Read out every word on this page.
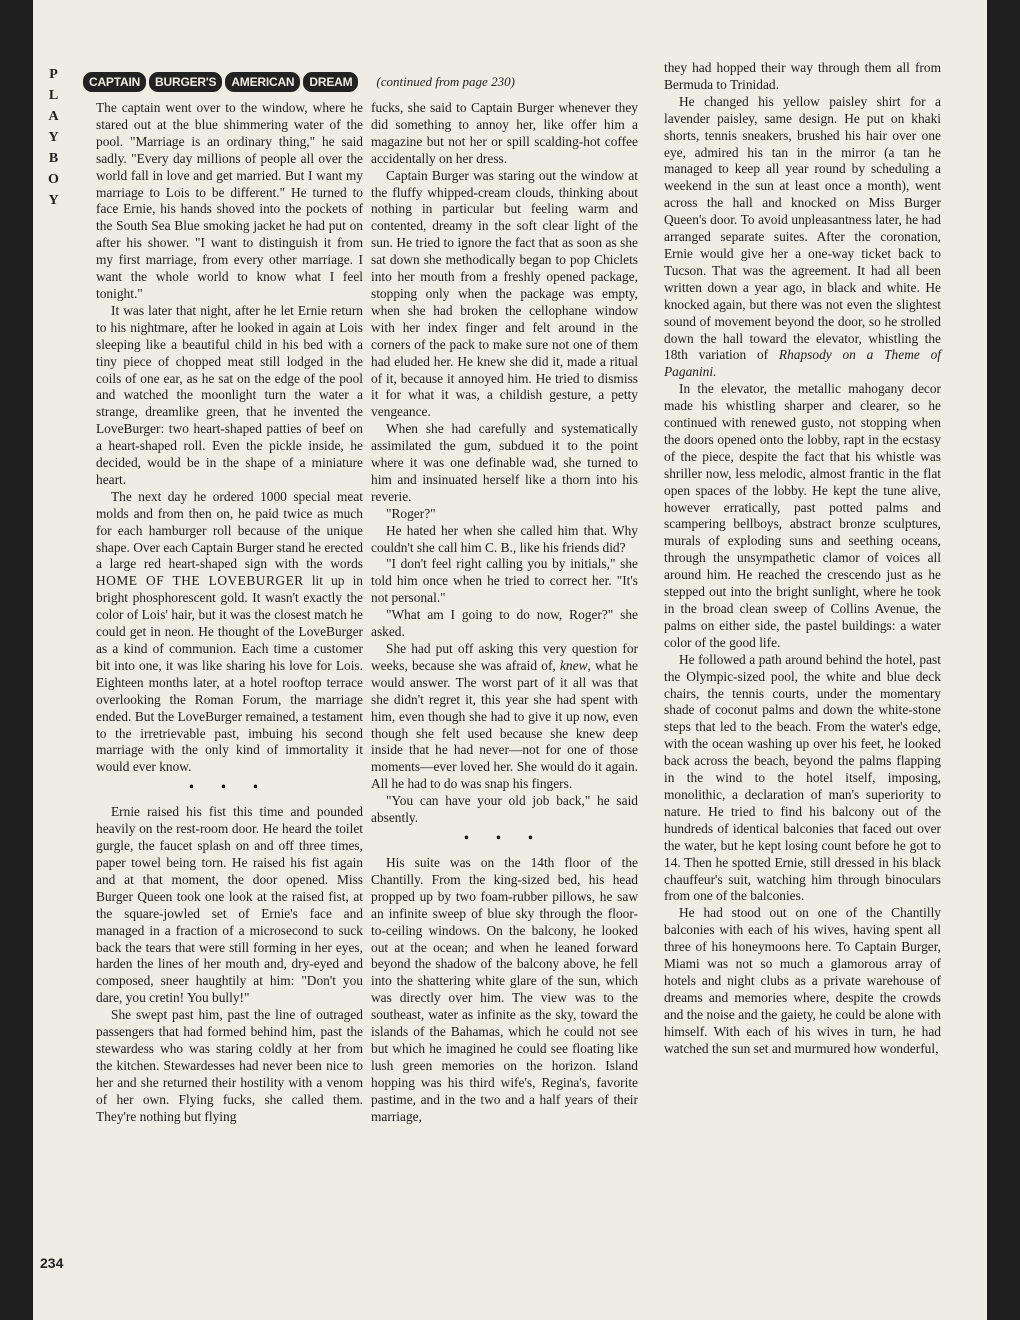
P
L
A
Y
B
O
Y
CAPTAIN	BURGER'S	AMERICAN	DREAM	(continued from page 230)

The captain went over to the window, where he stared out at the blue shimmering water of the pool. "Marriage is an ordinary thing," he said sadly. "Every day millions of people all over the world fall in love and get married. But I want my marriage to Lois to be different." He turned to face Ernie, his hands shoved into the pockets of the South Sea Blue smoking jacket he had put on after his shower. "I want to distinguish it from my first marriage, from every other marriage. I want the whole world to know what I feel tonight."

It was later that night, after he let Ernie return to his nightmare, after he looked in again at Lois sleeping like a beautiful child in his bed with a tiny piece of chopped meat still lodged in the coils of one ear, as he sat on the edge of the pool and watched the moonlight turn the water a strange, dreamlike green, that he invented the LoveBurger: two heart-shaped patties of beef on a heart-shaped roll. Even the pickle inside, he decided, would be in the shape of a miniature heart.

The next day he ordered 1000 special meat molds and from then on, he paid twice as much for each hamburger roll because of the unique shape. Over each Captain Burger stand he erected a large red heart-shaped sign with the words HOME OF THE LOVEBURGER lit up in bright phosphorescent gold. It wasn't exactly the color of Lois' hair, but it was the closest match he could get in neon. He thought of the LoveBurger as a kind of communion. Each time a customer bit into one, it was like sharing his love for Lois. Eighteen months later, at a hotel rooftop terrace overlooking the Roman Forum, the marriage ended. But the LoveBurger remained, a testament to the irretrievable past, imbuing his second marriage with the only kind of immortality it would ever know.

• • •

Ernie raised his fist this time and pounded heavily on the rest-room door. He heard the toilet gurgle, the faucet splash on and off three times, paper towel being torn. He raised his fist again and at that moment, the door opened. Miss Burger Queen took one look at the raised fist, at the square-jowled set of Ernie's face and managed in a fraction of a microsecond to suck back the tears that were still forming in her eyes, harden the lines of her mouth and, dry-eyed and composed, sneer haughtily at him: "Don't you dare, you cretin! You bully!"

She swept past him, past the line of outraged passengers that had formed behind him, past the stewardess who was staring coldly at her from the kitchen. Stewardesses had never been nice to her and she returned their hostility with a venom of her own. Flying fucks, she called them. They're nothing but flying

fucks, she said to Captain Burger whenever they did something to annoy her, like offer him a magazine but not her or spill scalding-hot coffee accidentally on her dress.

Captain Burger was staring out the window at the fluffy whipped-cream clouds, thinking about nothing in particular but feeling warm and contented, dreamy in the soft clear light of the sun. He tried to ignore the fact that as soon as she sat down she methodically began to pop Chiclets into her mouth from a freshly opened package, stopping only when the package was empty, when she had broken the cellophane window with her index finger and felt around in the corners of the pack to make sure not one of them had eluded her. He knew she did it, made a ritual of it, because it annoyed him. He tried to dismiss it for what it was, a childish gesture, a petty vengeance.

When she had carefully and systematically assimilated the gum, subdued it to the point where it was one definable wad, she turned to him and insinuated herself like a thorn into his reverie.

"Roger?"

He hated her when she called him that. Why couldn't she call him C. B., like his friends did?

"I don't feel right calling you by initials," she told him once when he tried to correct her. "It's not personal."

"What am I going to do now, Roger?" she asked.

She had put off asking this very question for weeks, because she was afraid of, knew, what he would answer. The worst part of it all was that she didn't regret it, this year she had spent with him, even though she had to give it up now, even though she felt used because she knew deep inside that he had never—not for one of those moments—ever loved her. She would do it again. All he had to do was snap his fingers.

"You can have your old job back," he said absently.

• • •

His suite was on the 14th floor of the Chantilly. From the king-sized bed, his head propped up by two foam-rubber pillows, he saw an infinite sweep of blue sky through the floor-to-ceiling windows. On the balcony, he looked out at the ocean; and when he leaned forward beyond the shadow of the balcony above, he fell into the shattering white glare of the sun, which was directly over him. The view was to the southeast, water as infinite as the sky, toward the islands of the Bahamas, which he could not see but which he imagined he could see floating like lush green memories on the horizon. Island hopping was his third wife's, Regina's, favorite pastime, and in the two and a half years of their marriage,

they had hopped their way through them all from Bermuda to Trinidad.

He changed his yellow paisley shirt for a lavender paisley, same design. He put on khaki shorts, tennis sneakers, brushed his hair over one eye, admired his tan in the mirror (a tan he managed to keep all year round by scheduling a weekend in the sun at least once a month), went across the hall and knocked on Miss Burger Queen's door. To avoid unpleasantness later, he had arranged separate suites. After the coronation, Ernie would give her a one-way ticket back to Tucson. That was the agreement. It had all been written down a year ago, in black and white. He knocked again, but there was not even the slightest sound of movement beyond the door, so he strolled down the hall toward the elevator, whistling the 18th variation of Rhapsody on a Theme of Paganini.

In the elevator, the metallic mahogany decor made his whistling sharper and clearer, so he continued with renewed gusto, not stopping when the doors opened onto the lobby, rapt in the ecstasy of the piece, despite the fact that his whistle was shriller now, less melodic, almost frantic in the flat open spaces of the lobby. He kept the tune alive, however erratically, past potted palms and scampering bellboys, abstract bronze sculptures, murals of exploding suns and seething oceans, through the unsympathetic clamor of voices all around him. He reached the crescendo just as he stepped out into the bright sunlight, where he took in the broad clean sweep of Collins Avenue, the palms on either side, the pastel buildings: a water color of the good life.

He followed a path around behind the hotel, past the Olympic-sized pool, the white and blue deck chairs, the tennis courts, under the momentary shade of coconut palms and down the white-stone steps that led to the beach. From the water's edge, with the ocean washing up over his feet, he looked back across the beach, beyond the palms flapping in the wind to the hotel itself, imposing, monolithic, a declaration of man's superiority to nature. He tried to find his balcony out of the hundreds of identical balconies that faced out over the water, but he kept losing count before he got to 14. Then he spotted Ernie, still dressed in his black chauffeur's suit, watching him through binoculars from one of the balconies.

He had stood out on one of the Chantilly balconies with each of his wives, having spent all three of his honeymoons here. To Captain Burger, Miami was not so much a glamorous array of hotels and night clubs as a private warehouse of dreams and memories where, despite the crowds and the noise and the gaiety, he could be alone with himself. With each of his wives in turn, he had watched the sun set and murmured how wonderful,

234
